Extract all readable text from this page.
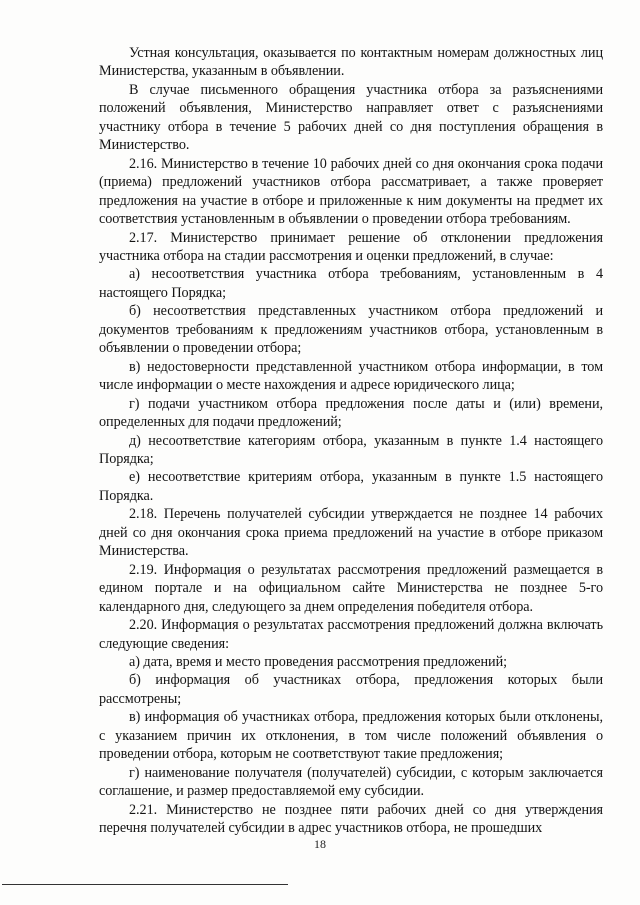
Устная консультация, оказывается по контактным номерам должностных лиц Министерства, указанным в объявлении.

В случае письменного обращения участника отбора за разъяснениями положений объявления, Министерство направляет ответ с разъяснениями участнику отбора в течение 5 рабочих дней со дня поступления обращения в Министерство.

2.16. Министерство в течение 10 рабочих дней со дня окончания срока подачи (приема) предложений участников отбора рассматривает, а также проверяет предложения на участие в отборе и приложенные к ним документы на предмет их соответствия установленным в объявлении о проведении отбора требованиям.

2.17. Министерство принимает решение об отклонении предложения участника отбора на стадии рассмотрения и оценки предложений, в случае:

а) несоответствия участника отбора требованиям, установленным в 4 настоящего Порядка;

б) несоответствия представленных участником отбора предложений и документов требованиям к предложениям участников отбора, установленным в объявлении о проведении отбора;

в) недостоверности представленной участником отбора информации, в том числе информации о месте нахождения и адресе юридического лица;

г) подачи участником отбора предложения после даты и (или) времени, определенных для подачи предложений;

д) несоответствие категориям отбора, указанным в пункте 1.4 настоящего Порядка;

е) несоответствие критериям отбора, указанным в пункте 1.5 настоящего Порядка.

2.18. Перечень получателей субсидии утверждается не позднее 14 рабочих дней со дня окончания срока приема предложений на участие в отборе приказом Министерства.

2.19. Информация о результатах рассмотрения предложений размещается в едином портале и на официальном сайте Министерства не позднее 5-го календарного дня, следующего за днем определения победителя отбора.

2.20. Информация о результатах рассмотрения предложений должна включать следующие сведения:

а) дата, время и место проведения рассмотрения предложений;

б) информация об участниках отбора, предложения которых были рассмотрены;

в) информация об участниках отбора, предложения которых были отклонены, с указанием причин их отклонения, в том числе положений объявления о проведении отбора, которым не соответствуют такие предложения;

г) наименование получателя (получателей) субсидии, с которым заключается соглашение, и размер предоставляемой ему субсидии.

2.21. Министерство не позднее пяти рабочих дней со дня утверждения перечня получателей субсидии в адрес участников отбора, не прошедших

18
